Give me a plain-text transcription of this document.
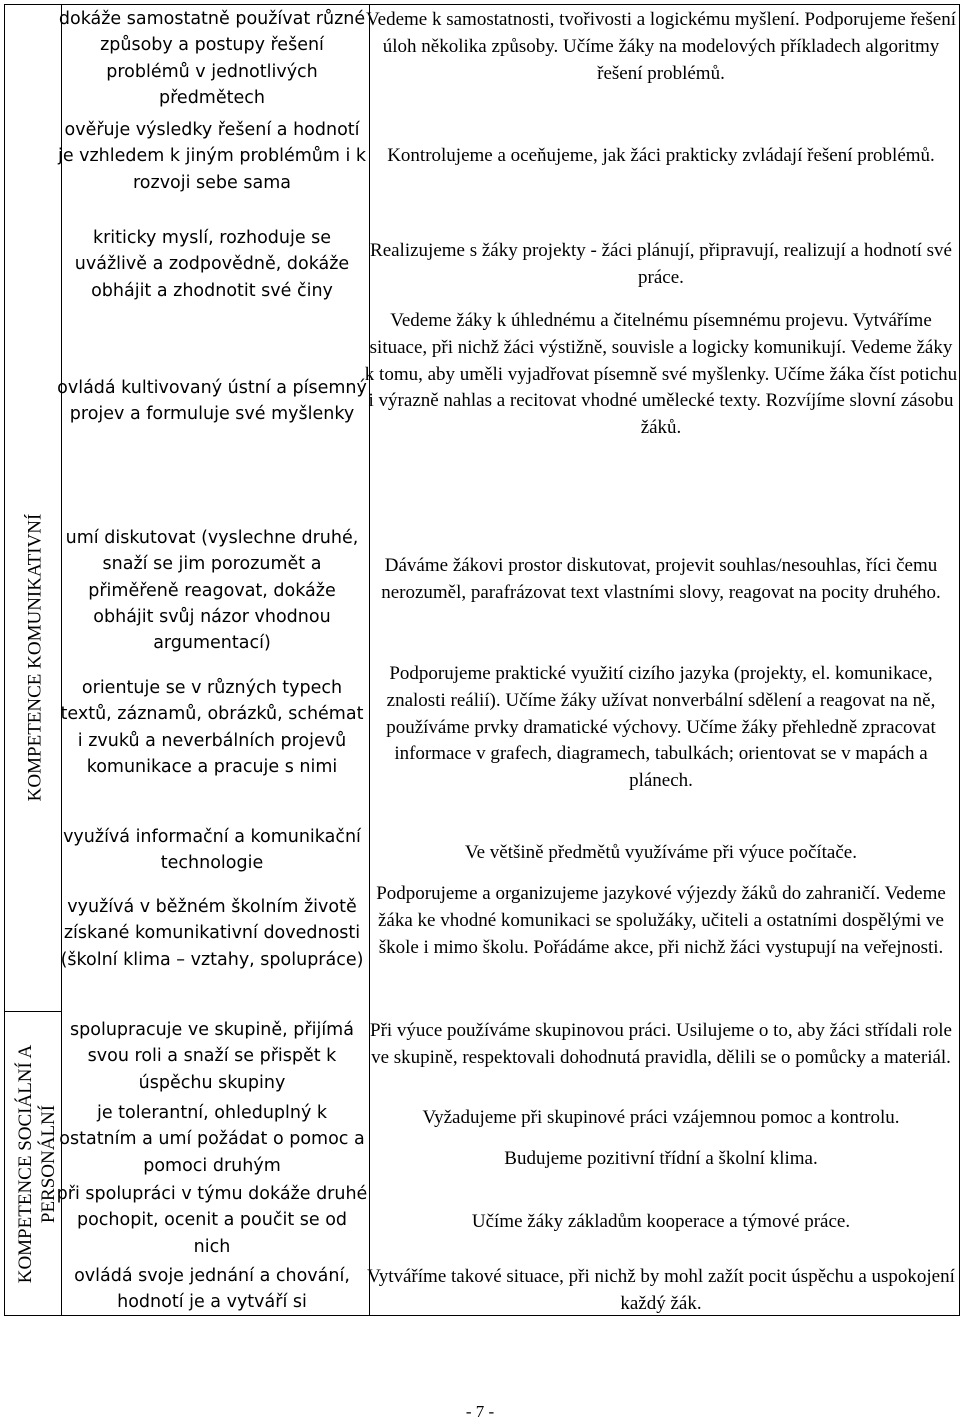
KOMPETENCE KOMUNIKATIVNÍ
KOMPETENCE SOCIÁLNÍ A PERSONÁLNÍ
dokáže samostatně používat různé způsoby a postupy řešení problémů v jednotlivých předmětech
ověřuje výsledky řešení a hodnotí je vzhledem k jiným problémům i k rozvoji sebe sama
kriticky myslí, rozhoduje se uvážlivě a zodpovědně, dokáže obhájit a zhodnotit své činy
ovládá kultivovaný ústní a písemný projev a formuluje své myšlenky
umí diskutovat (vyslechne druhé, snaží se jim porozumět a přiměřeně reagovat, dokáže obhájit svůj názor vhodnou argumentací)
orientuje se v různých typech textů, záznamů, obrázků, schémat i zvuků a neverbálních projevů komunikace a pracuje s nimi
využívá informační a komunikační technologie
využívá v běžném školním životě získané komunikativní dovednosti (školní klima – vztahy, spolupráce)
spolupracuje ve skupině, přijímá svou roli a snaží se přispět k úspěchu skupiny
je tolerantní, ohleduplný k ostatním a umí požádat o pomoc a pomoci druhým
při spolupráci v týmu dokáže druhé pochopit, ocenit a poučit se od nich
ovládá svoje jednání a chování, hodnotí je a vytváří si
Vedeme k samostatnosti, tvořivosti a logickému myšlení. Podporujeme řešení úloh několika způsoby. Učíme žáky na modelových příkladech algoritmy řešení problémů.
Kontrolujeme a oceňujeme, jak žáci prakticky zvládají řešení problémů.
Realizujeme s žáky projekty - žáci plánují, připravují, realizují a hodnotí své práce.
Vedeme žáky k úhlednému a čitelnému písemnému projevu. Vytváříme situace, při nichž žáci výstižně, souvisle a logicky komunikují. Vedeme žáky k tomu, aby uměli vyjadřovat písemně své myšlenky. Učíme žáka číst potichu i výrazně nahlas a recitovat vhodné umělecké texty. Rozvíjíme slovní zásobu žáků.
Dáváme žákovi prostor diskutovat, projevit souhlas/nesouhlas, říci čemu nerozuměl, parafrázovat text vlastními slovy, reagovat na pocity druhého.
Podporujeme praktické využití cizího jazyka (projekty, el. komunikace, znalosti reálií). Učíme žáky užívat nonverbální sdělení a reagovat na ně, používáme prvky dramatické výchovy. Učíme žáky přehledně zpracovat informace v grafech, diagramech, tabulkách; orientovat se v mapách a plánech.
Ve většině předmětů využíváme při výuce počítače.
Podporujeme a organizujeme jazykové výjezdy žáků do zahraničí. Vedeme žáka ke vhodné komunikaci se spolužáky, učiteli a ostatními dospělými ve škole i mimo školu. Pořádáme akce, při nichž žáci vystupují na veřejnosti.
Při výuce používáme skupinovou práci. Usilujeme o to, aby žáci střídali role ve skupině, respektovali dohodnutá pravidla, dělili se o pomůcky a materiál.
Vyžadujeme při skupinové práci vzájemnou pomoc a kontrolu.
Budujeme pozitivní třídní a školní klima.
Učíme žáky základům kooperace a týmové práce.
Vytváříme takové situace, při nichž by mohl zažít pocit úspěchu a uspokojení každý žák.
- 7 -
